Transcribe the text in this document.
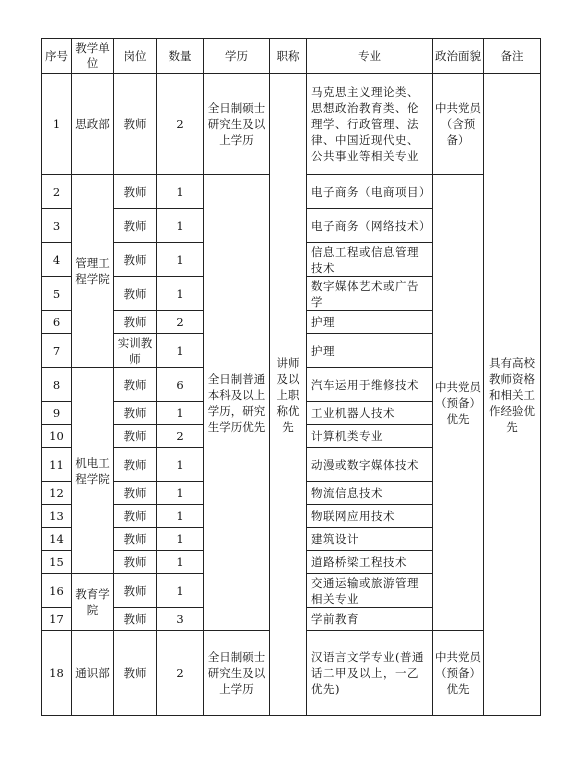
序号	教学单位	岗位	数量	学历	职称	专业	政治面貌	备注
1	思政部	教师	2	全日制硕士研究生及以上学历	讲师及以上职称优先	马克思主义理论类、思想政治教育类、伦理学、行政管理、法律、中国近现代史、公共事业等相关专业	中共党员（含预备）	具有高校教师资格和相关工作经验优先
2	管理工程学院	教师	1	全日制普通本科及以上学历，研究生学历优先		电子商务（电商项目）	中共党员（预备）优先	
3		教师	1			电子商务（网络技术）		
4		教师	1			信息工程或信息管理技术		
5		教师	1			数字媒体艺术或广告学		
6		教师	2			护理		
7		实训教师	1			护理		
8	机电工程学院	教师	6			汽车运用于维修技术		
9		教师	1			工业机器人技术		
10		教师	2			计算机类专业		
11		教师	1			动漫或数字媒体技术		
12		教师	1			物流信息技术		
13		教师	1			物联网应用技术		
14		教师	1			建筑设计		
15		教师	1			道路桥梁工程技术		
16	教育学院	教师	1			交通运输或旅游管理相关专业		
17		教师	3			学前教育		
18	通识部	教师	2	全日制硕士研究生及以上学历		汉语言文学专业(普通话二甲及以上，一乙优先)	中共党员（预备）优先	
